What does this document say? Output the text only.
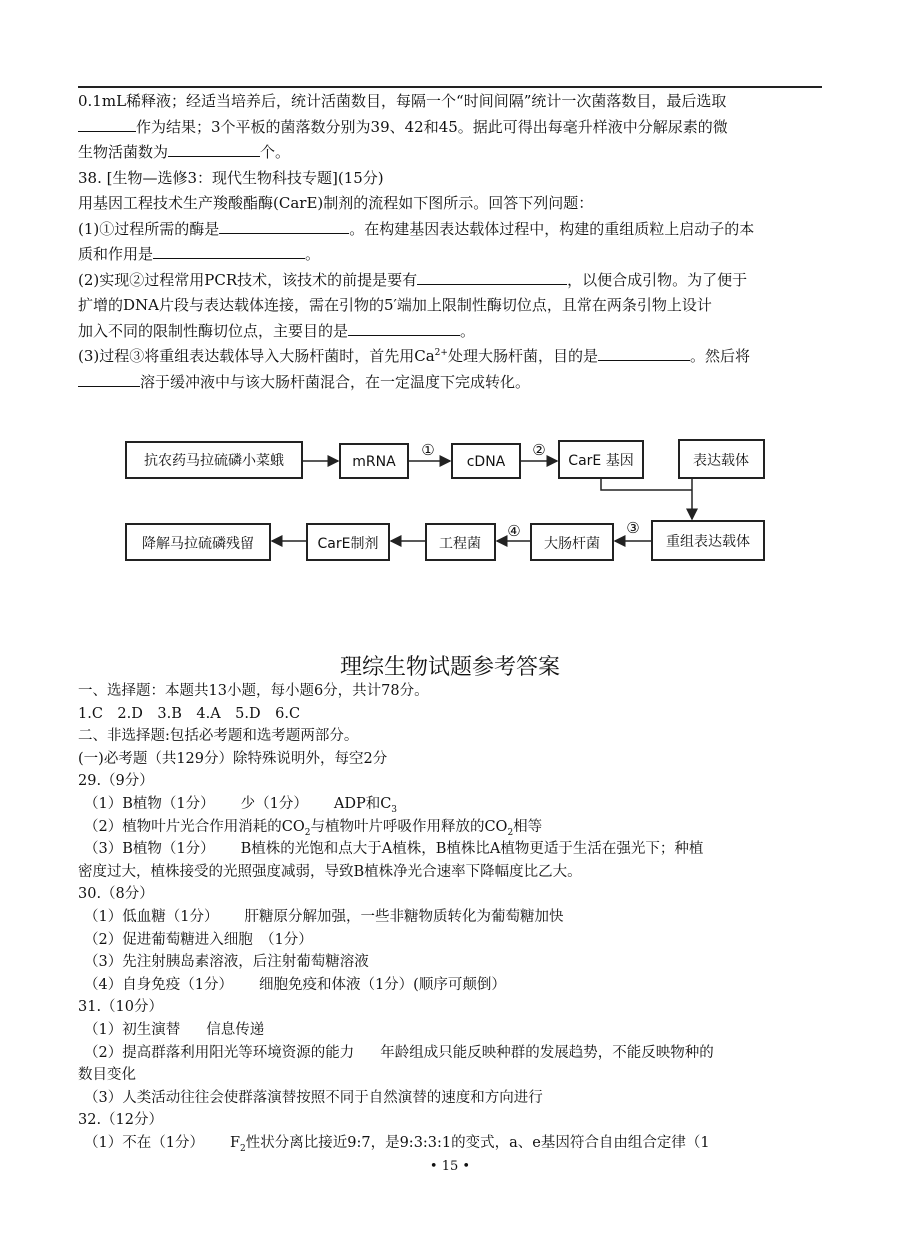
0.1mL稀释液；经适当培养后，统计活菌数目，每隔一个“时间间隔”统计一次菌落数目，最后选取

作为结果；3个平板的菌落数分别为39、42和45。据此可得出每毫升样液中分解尿素的微

生物活菌数为	个。

38. [生物—选修3：现代生物科技专题](15分)

用基因工程技术生产羧酸酯酶(CarE)制剂的流程如下图所示。回答下列问题：

(1)①过程所需的酶是	。在构建基因表达载体过程中，构建的重组质粒上启动子的本

质和作用是	。

(2)实现②过程常用PCR技术，该技术的前提是要有	，以便合成引物。为了便于

扩增的DNA片段与表达载体连接，需在引物的5′端加上限制性酶切位点，且常在两条引物上设计

加入不同的限制性酶切位点，主要目的是	。

(3)过程③将重组表达载体导入大肠杆菌时，首先用$Ca^{2+}$处理大肠杆菌，目的是	。然后将

溶于缓冲液中与该大肠杆菌混合，在一定温度下完成转化。

抗农药马拉硫磷小菜蛾	mRNA	cDNA	CarE 基因	表达载体
重组表达载体
大肠杆菌
工程菌
CarE制剂
降解马拉硫磷残留
①	②
③
④
理综生物试题参考答案

一、选择题：本题共13小题，每小题6分，共计78分。

1.C　2.D　3.B　4.A　5.D　6.C

二、非选择题:包括必考题和选考题两部分。

(一)必考题（共129分）除特殊说明外，每空2分

29.（9分）

（1）B植物（1分） 少（1分） ADP和$C_3$

（2）植物叶片光合作用消耗的$CO_2$与植物叶片呼吸作用释放的$CO_2$相等

（3）B植物（1分） B植株的光饱和点大于A植株，B植株比A植物更适于生活在强光下；种植

密度过大，植株接受的光照强度减弱，导致B植株净光合速率下降幅度比乙大。

30.（8分）

（1）低血糖（1分） 肝糖原分解加强，一些非糖物质转化为葡萄糖加快

（2）促进葡萄糖进入细胞　（1分）

（3）先注射胰岛素溶液，后注射葡萄糖溶液

（4）自身免疫（1分） 细胞免疫和体液（1分）(顺序可颠倒）

31.（10分）

（1）初生演替 信息传递

（2）提高群落利用阳光等环境资源的能力 年龄组成只能反映种群的发展趋势，不能反映物种的

数目变化

（3）人类活动往往会使群落演替按照不同于自然演替的速度和方向进行

32.（12分）

（1）不在（1分） $F_2$性状分离比接近9:7，是9:3:3:1的变式，a、e基因符合自由组合定律（1

• 15 •
